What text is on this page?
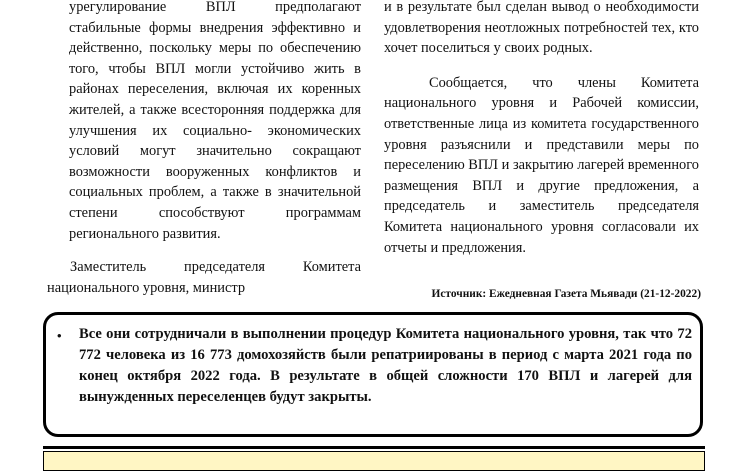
урегулирование ВПЛ предполагают стабильные формы внедрения эффективно и действенно, поскольку меры по обеспечению того, чтобы ВПЛ могли устойчиво жить в районах переселения, включая их коренных жителей, а также всесторонняя поддержка для улучшения их социально- экономических условий могут значительно сокращают возможности вооруженных конфликтов и социальных проблем, а также в значительной степени	способствуют программам регионального развития.

Заместитель председателя Комитета национального уровня, министр

и в результате был сделан вывод о необходимости удовлетворения неотложных потребностей тех, кто хочет поселиться у своих родных.

Сообщается, что члены Комитета национального уровня и Рабочей комиссии, ответственные лица из комитета государственного уровня разъяснили и представили меры по переселению ВПЛ и закрытию лагерей временного размещения ВПЛ и другие предложения, а председатель и заместитель председателя Комитета национального уровня согласовали их отчеты и предложения.

Источник: Ежедневная Газета Мьявади (21-12-2022)
• Все они сотрудничали в выполнении процедур Комитета национального уровня, так что 72 772 человека из 16 773 домохозяйств были репатриированы в период с марта 2021 года по конец октября 2022 года. В результате в общей сложности 170 ВПЛ и лагерей для вынужденных переселенцев будут закрыты.
